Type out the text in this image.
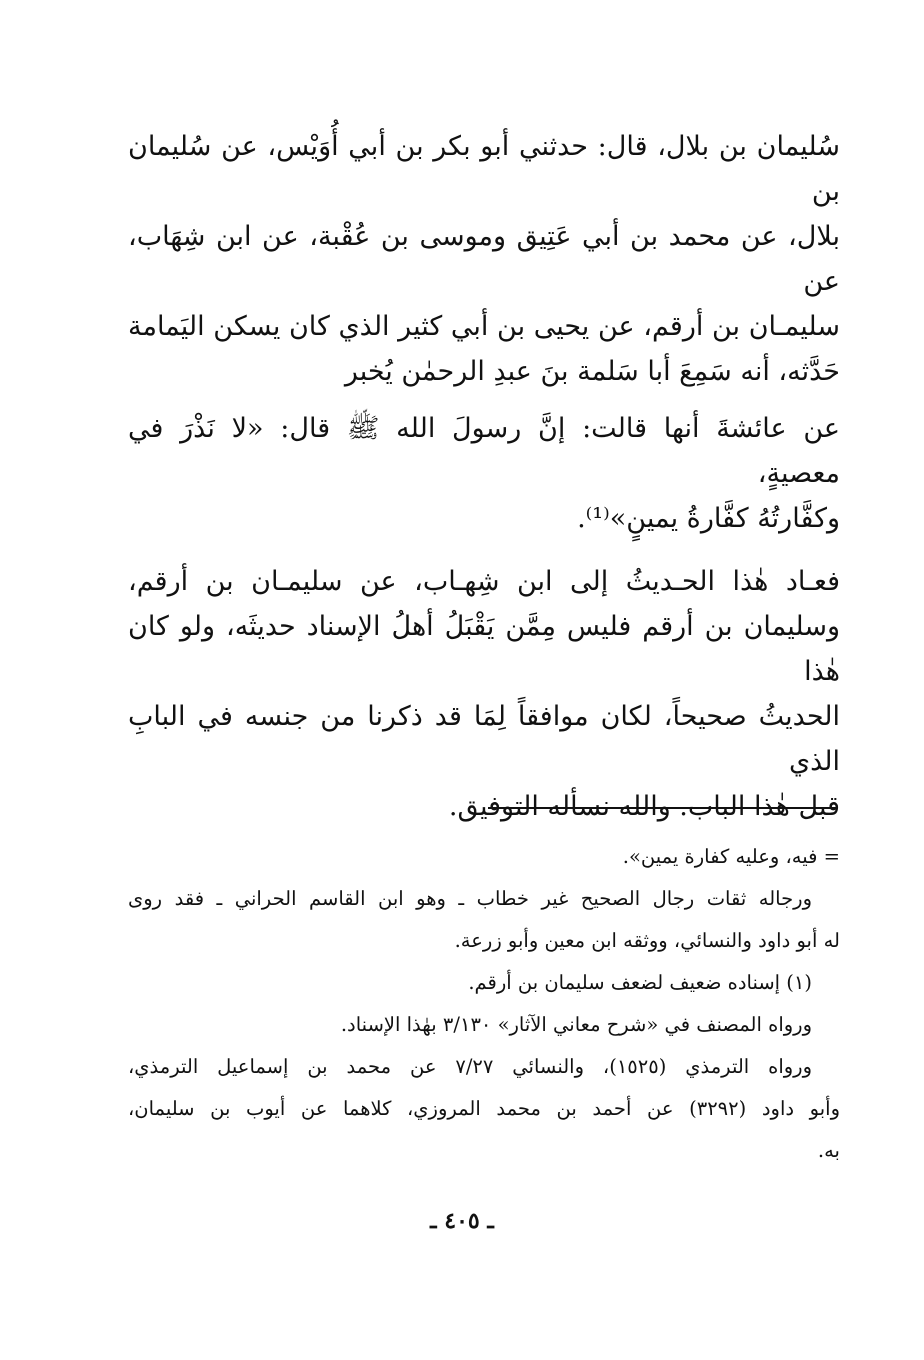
سُليمان بن بلال، قال: حدثني أبو بكر بن أبي أُوَيْس، عن سُليمان بن
بلال، عن محمد بن أبي عَتِيق وموسى بن عُقْبة، عن ابن شِهَاب، عن
سليمـان بن أرقم، عن يحيى بن أبي كثير الذي كان يسكن اليَمامة
حَدَّثه، أنه سَمِعَ أبا سَلمة بنَ عبدِ الرحمٰن يُخبر

عن عائشةَ أنها قالت: إنَّ رسولَ الله ﷺ قال: «لا نَذْرَ في معصيةٍ،
وكفَّارتُهُ كفَّارةُ يمينٍ»⁽¹⁾.

فعـاد هٰذا الحـديثُ إلى ابن شِهـاب، عن سليمـان بن أرقم،
وسليمان بن أرقم فليس مِمَّن يَقْبَلُ أهلُ الإسناد حديثَه، ولو كان هٰذا
الحديثُ صحيحاً، لكان موافقاً لِمَا قد ذكرنا من جنسه في البابِ الذي
قبل هٰذا الباب. والله نسأله التوفيق.

= فيه، وعليه كفارة يمين».

ورجاله ثقات رجال الصحيح غير خطاب ـ وهو ابن القاسم الحراني ـ فقد روى
له أبو داود والنسائي، ووثقه ابن معين وأبو زرعة.

(١) إسناده ضعيف لضعف سليمان بن أرقم.

ورواه المصنف في «شرح معاني الآثار» ٣/١٣٠ بهٰذا الإسناد.

ورواه الترمذي (١٥٢٥)، والنسائي ٧/٢٧ عن محمد بن إسماعيل الترمذي،
وأبو داود (٣٢٩٢) عن أحمد بن محمد المروزي، كلاهما عن أيوب بن سليمان،
به.

ـ ٤٠٥ ـ
